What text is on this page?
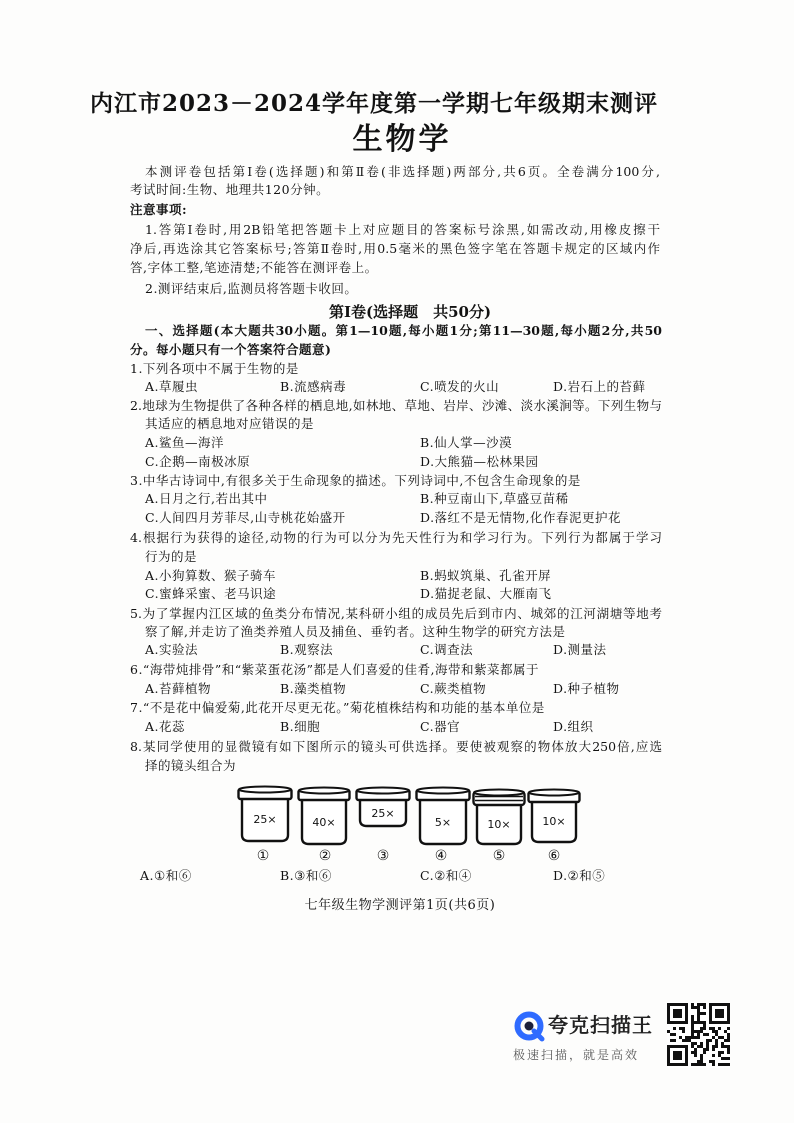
内江市2023－2024学年度第一学期七年级期末测评
生物学
本测评卷包括第Ⅰ卷(选择题)和第Ⅱ卷(非选择题)两部分,共6页。全卷满分100分,
考试时间:生物、地理共120分钟。
注意事项:
1.答第Ⅰ卷时,用2B铅笔把答题卡上对应题目的答案标号涂黑,如需改动,用橡皮擦干
净后,再选涂其它答案标号;答第Ⅱ卷时,用0.5毫米的黑色签字笔在答题卡规定的区域内作
答,字体工整,笔迹清楚;不能答在测评卷上。
2.测评结束后,监测员将答题卡收回。
第Ⅰ卷(选择题　共50分)
一、选择题(本大题共30小题。第1—10题,每小题1分;第11—30题,每小题2分,共50
分。每小题只有一个答案符合题意)
1.下列各项中不属于生物的是
A.草履虫	B.流感病毒	C.喷发的火山	D.岩石上的苔藓
2.地球为生物提供了各种各样的栖息地,如林地、草地、岩岸、沙滩、淡水溪涧等。下列生物与
其适应的栖息地对应错误的是
A.鲨鱼—海洋	B.仙人掌—沙漠
C.企鹅—南极冰原	D.大熊猫—松林果园
3.中华古诗词中,有很多关于生命现象的描述。下列诗词中,不包含生命现象的是
A.日月之行,若出其中	B.种豆南山下,草盛豆苗稀
C.人间四月芳菲尽,山寺桃花始盛开	D.落红不是无情物,化作春泥更护花
4.根据行为获得的途径,动物的行为可以分为先天性行为和学习行为。下列行为都属于学习
行为的是
A.小狗算数、猴子骑车	B.蚂蚁筑巢、孔雀开屏
C.蜜蜂采蜜、老马识途	D.猫捉老鼠、大雁南飞
5.为了掌握内江区域的鱼类分布情况,某科研小组的成员先后到市内、城郊的江河湖塘等地考
察了解,并走访了渔类养殖人员及捕鱼、垂钓者。这种生物学的研究方法是
A.实验法	B.观察法	C.调查法	D.测量法
6.“海带炖排骨”和“紫菜蛋花汤”都是人们喜爱的佳肴,海带和紫菜都属于
A.苔藓植物	B.藻类植物	C.蕨类植物	D.种子植物
7.“不是花中偏爱菊,此花开尽更无花。”菊花植株结构和功能的基本单位是
A.花蕊	B.细胞	C.器官	D.组织
8.某同学使用的显微镜有如下图所示的镜头可供选择。要使被观察的物体放大250倍,应选
择的镜头组合为
25×	40×
25×
5×	10×	10×
①	②	③	④	⑤	⑥
A.①和⑥	B.③和⑥	C.②和④	D.②和⑤
七年级生物学测评第1页(共6页)
夸克扫描王
极速扫描，就是高效
